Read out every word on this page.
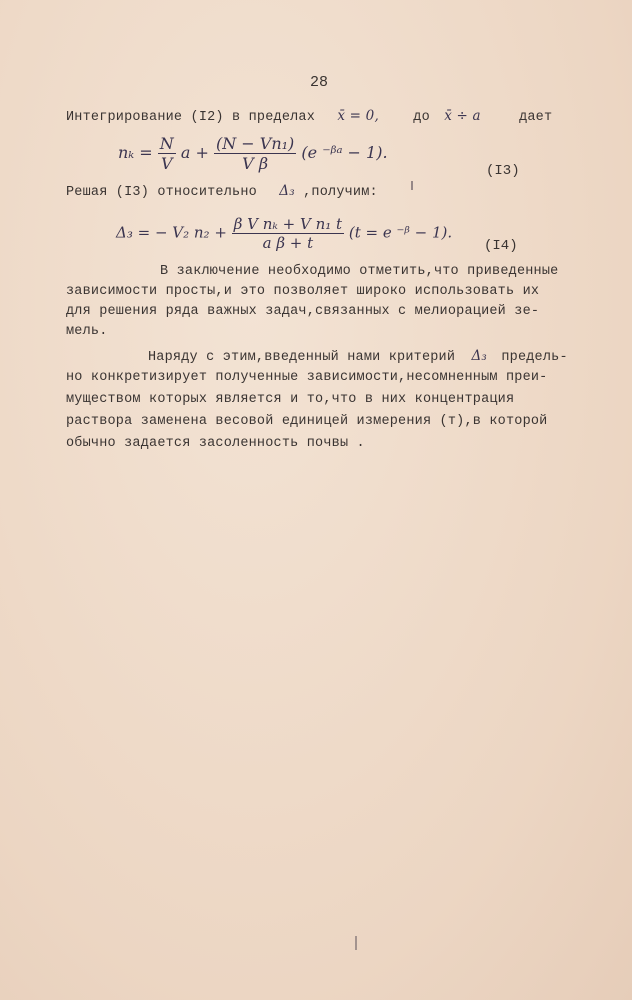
28
Интегрирование (I2) в пределах x̄ = 0,	до x̄ ÷ a	дает
$n_k = \frac{N}{V}$ $a + \frac{\text{(N − Vn₁)}}{\text{V β}} (e$ ⁻ᵝᵃ − 1).
(I3)
Решая (I3) относительно Δ₃ ,получим:
Δ₃ = − V₂ $n_2 + \frac{\text{β V nₖ + V n₁ t}}{\text{a β + t}} (t = e$ ⁻ᵝ − 1).
(I4)
В заключение необходимо отметить,что приведенные
зависимости просты,и это позволяет широко использовать их
для решения ряда важных задач,связанных с мелиорацией зе-
мель.
Наряду с этим,введенный нами критерий Δ₃ предель-
но конкретизирует полученные зависимости,несомненным преи-
муществом которых является и то,что в них концентрация
раствора заменена весовой единицей измерения (т),в которой
обычно задается засоленность почвы .
